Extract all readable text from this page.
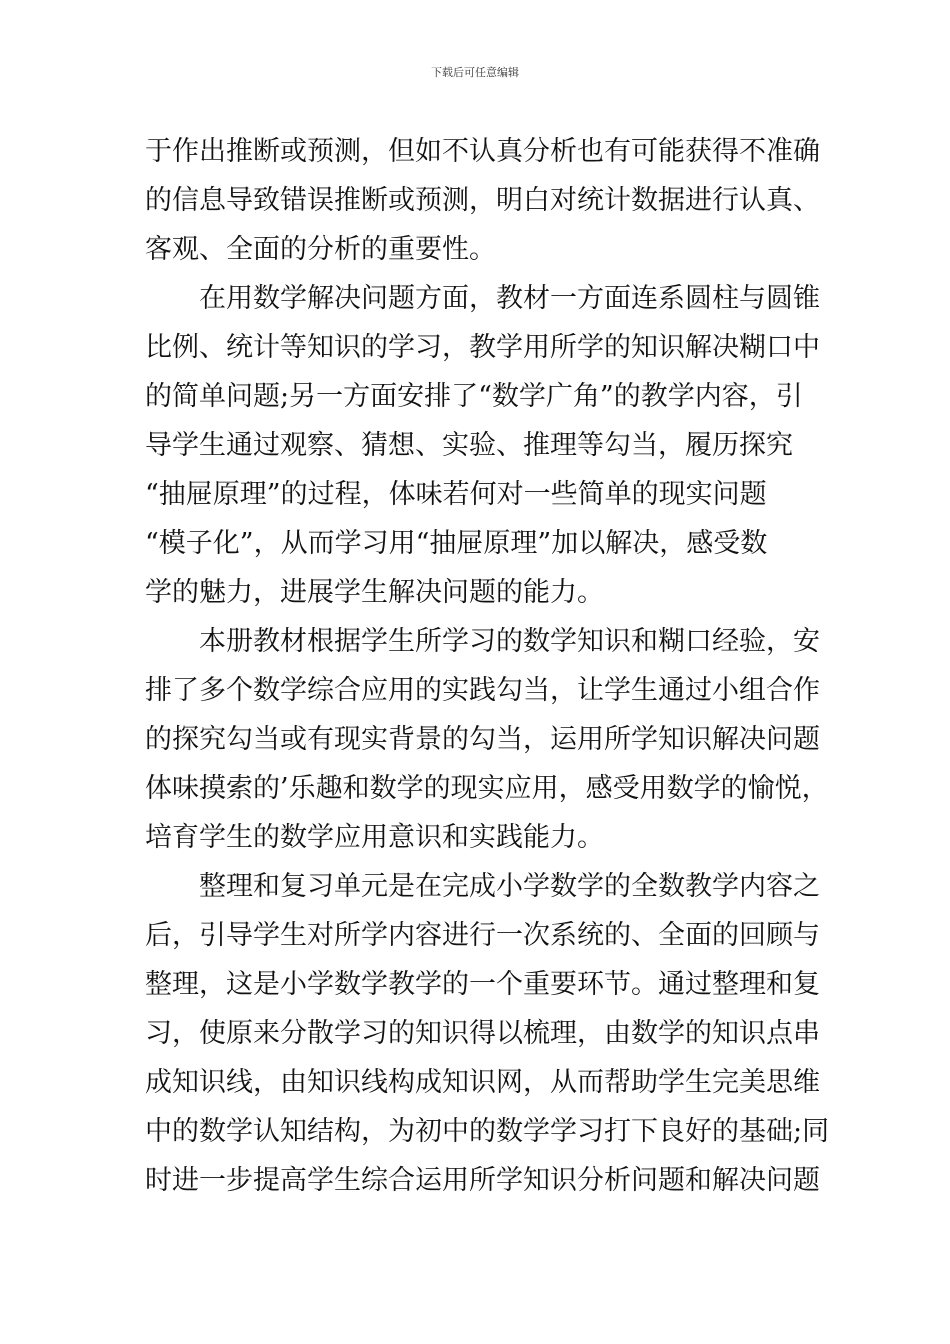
下载后可任意编辑
于作出推断或预测，但如不认真分析也有可能获得不准确
的信息导致错误推断或预测，明白对统计数据进行认真、
客观、全面的分析的重要性。
　　在用数学解决问题方面，教材一方面连系圆柱与圆锥
比例、统计等知识的学习，教学用所学的知识解决糊口中
的简单问题;另一方面安排了“数学广角”的教学内容，引
导学生通过观察、猜想、实验、推理等勾当，履历探究
“抽屉原理”的过程，体味若何对一些简单的现实问题
“模子化”，从而学习用“抽屉原理”加以解决，感受数
学的魅力，进展学生解决问题的能力。
　　本册教材根据学生所学习的数学知识和糊口经验，安
排了多个数学综合应用的实践勾当，让学生通过小组合作
的探究勾当或有现实背景的勾当，运用所学知识解决问题
体味摸索的’乐趣和数学的现实应用，感受用数学的愉悦，
培育学生的数学应用意识和实践能力。
　　整理和复习单元是在完成小学数学的全数教学内容之
后，引导学生对所学内容进行一次系统的、全面的回顾与
整理，这是小学数学教学的一个重要环节。通过整理和复
习，使原来分散学习的知识得以梳理，由数学的知识点串
成知识线，由知识线构成知识网，从而帮助学生完美思维
中的数学认知结构，为初中的数学学习打下良好的基础;同
时进一步提高学生综合运用所学知识分析问题和解决问题
